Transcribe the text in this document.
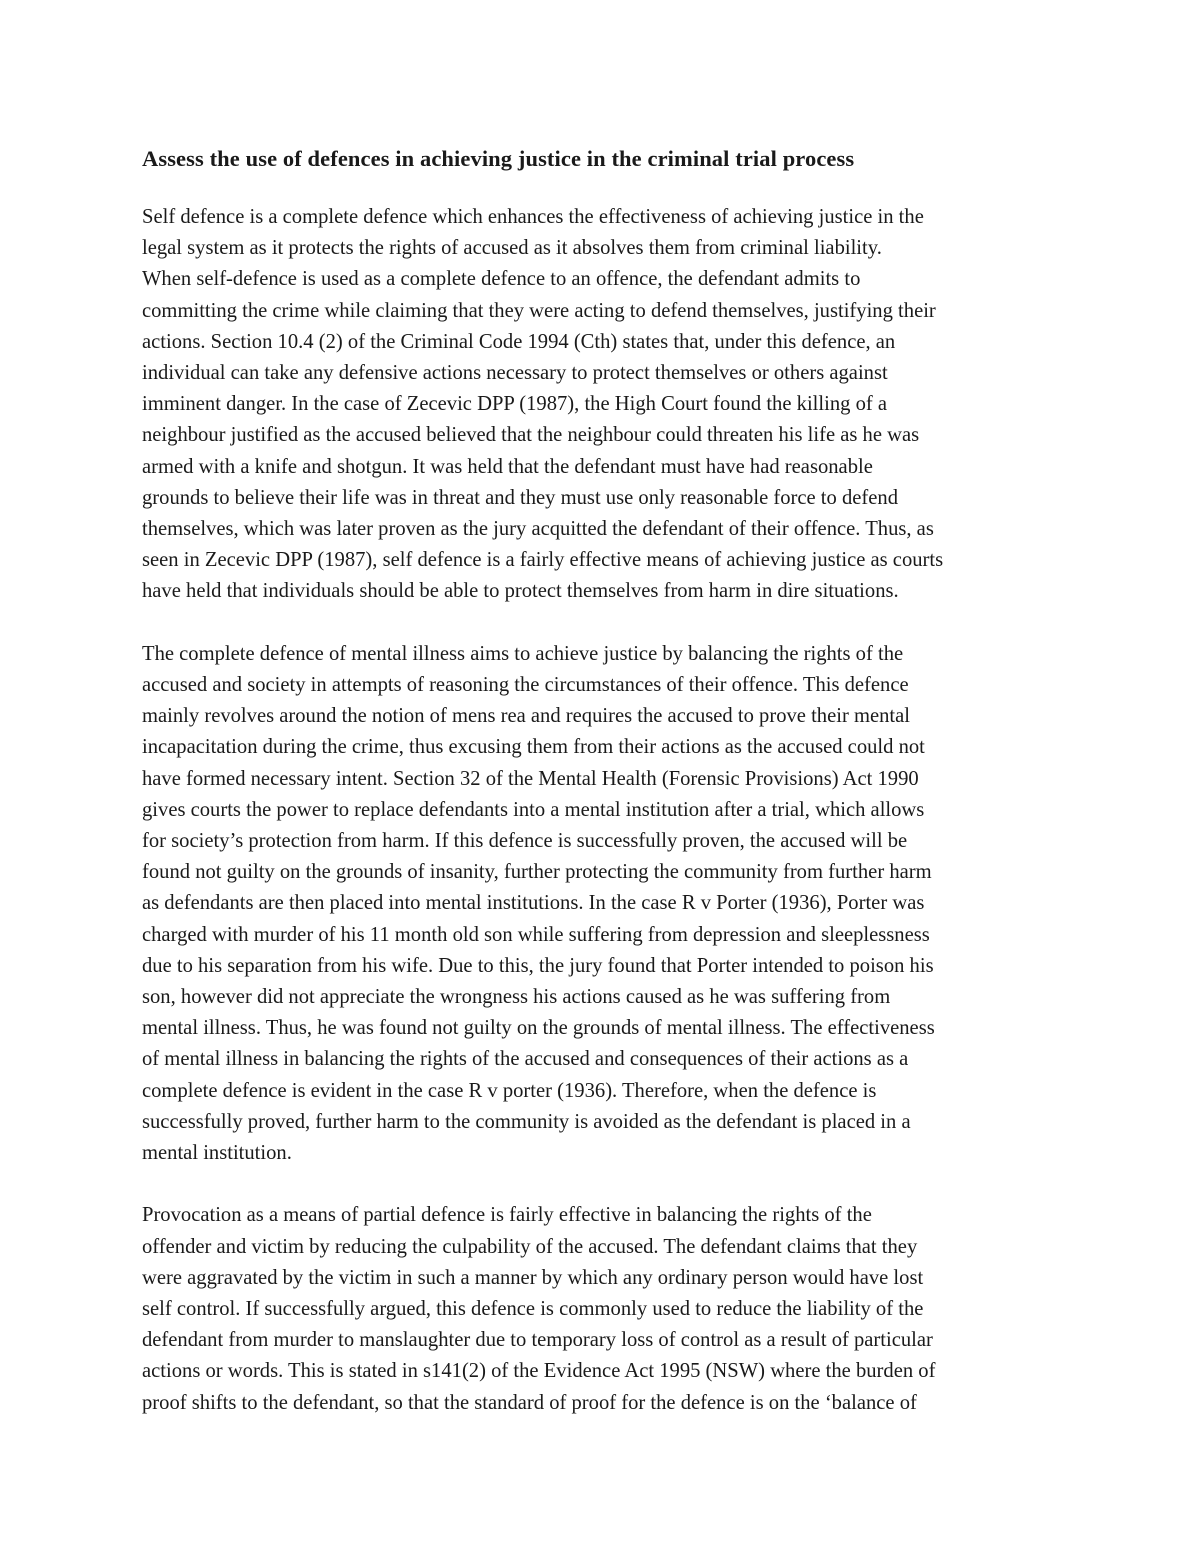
Assess the use of defences in achieving justice in the criminal trial process
Self defence is a complete defence which enhances the effectiveness of achieving justice in the
legal system as it protects the rights of accused as it absolves them from criminal liability.
When self-defence is used as a complete defence to an offence, the defendant admits to
committing the crime while claiming that they were acting to defend themselves, justifying their
actions. Section 10.4 (2) of the Criminal Code 1994 (Cth) states that, under this defence, an
individual can take any defensive actions necessary to protect themselves or others against
imminent danger. In the case of Zecevic DPP (1987), the High Court found the killing of a
neighbour justified as the accused believed that the neighbour could threaten his life as he was
armed with a knife and shotgun. It was held that the defendant must have had reasonable
grounds to believe their life was in threat and they must use only reasonable force to defend
themselves, which was later proven as the jury acquitted the defendant of their offence. Thus, as
seen in Zecevic DPP (1987), self defence is a fairly effective means of achieving justice as courts
have held that individuals should be able to protect themselves from harm in dire situations.
The complete defence of mental illness aims to achieve justice by balancing the rights of the
accused and society in attempts of reasoning the circumstances of their offence. This defence
mainly revolves around the notion of mens rea and requires the accused to prove their mental
incapacitation during the crime, thus excusing them from their actions as the accused could not
have formed necessary intent. Section 32 of the Mental Health (Forensic Provisions) Act 1990
gives courts the power to replace defendants into a mental institution after a trial, which allows
for society’s protection from harm. If this defence is successfully proven, the accused will be
found not guilty on the grounds of insanity, further protecting the community from further harm
as defendants are then placed into mental institutions. In the case R v Porter (1936), Porter was
charged with murder of his 11 month old son while suffering from depression and sleeplessness
due to his separation from his wife. Due to this, the jury found that Porter intended to poison his
son, however did not appreciate the wrongness his actions caused as he was suffering from
mental illness. Thus, he was found not guilty on the grounds of mental illness. The effectiveness
of mental illness in balancing the rights of the accused and consequences of their actions as a
complete defence is evident in the case R v porter (1936). Therefore, when the defence is
successfully proved, further harm to the community is avoided as the defendant is placed in a
mental institution.
Provocation as a means of partial defence is fairly effective in balancing the rights of the
offender and victim by reducing the culpability of the accused. The defendant claims that they
were aggravated by the victim in such a manner by which any ordinary person would have lost
self control. If successfully argued, this defence is commonly used to reduce the liability of the
defendant from murder to manslaughter due to temporary loss of control as a result of particular
actions or words. This is stated in s141(2) of the Evidence Act 1995 (NSW) where the burden of
proof shifts to the defendant, so that the standard of proof for the defence is on the ‘balance of
